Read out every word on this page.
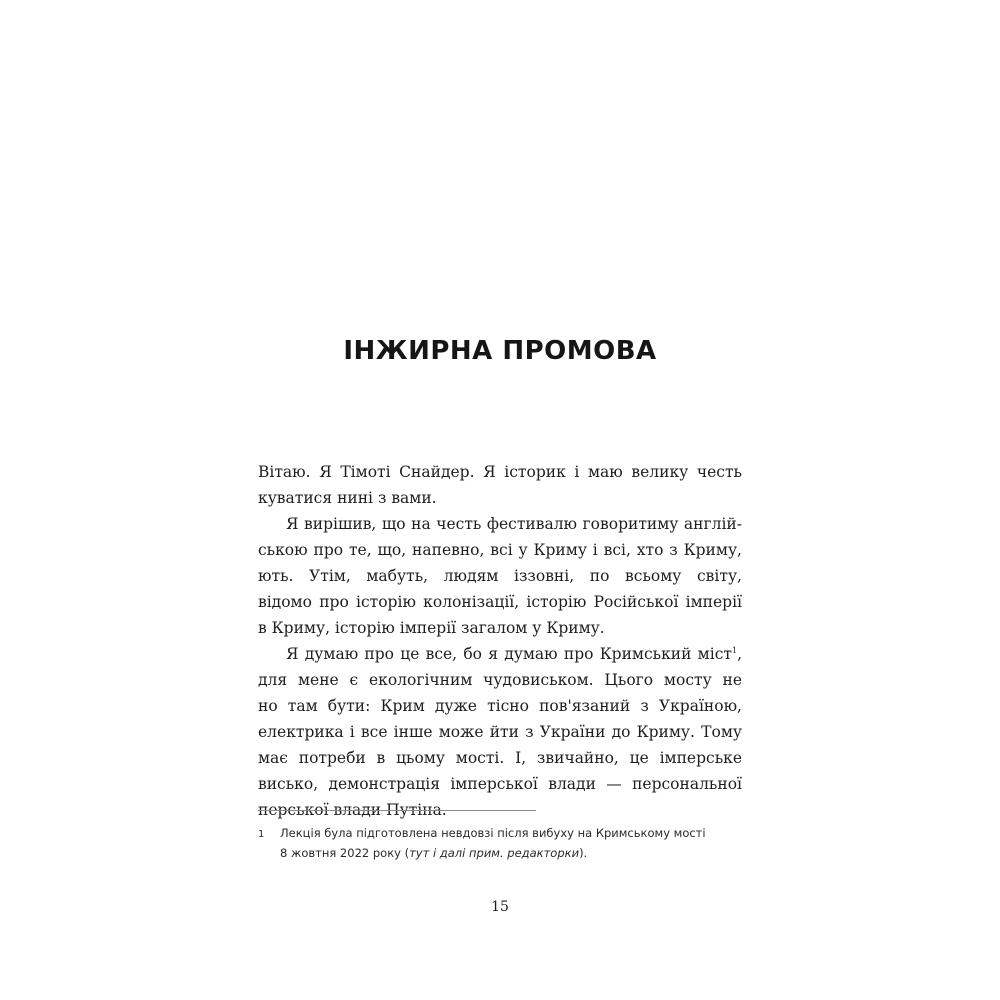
ІНЖИРНА ПРОМОВА
Вітаю. Я Тімоті Снайдер. Я історик і маю велику честь
куватися нині з вами.
Я вирішив, що на честь фестивалю говоритиму англій-
ською про те, що, напевно, всі у Криму і всі, хто з Криму,
ють. Утім, мабуть, людям іззовні, по всьому світу,
відомо про історію колонізації, історію Російської імперії
в Криму, історію імперії загалом у Криму.
Я думаю про це все, бо я думаю про Кримський міст$^1$,
для мене є екологічним чудовиськом. Цього мосту не
но там бути: Крим дуже тісно пов'язаний з Україною,
електрика і все інше може йти з України до Криму. Тому
має потреби в цьому мості. І, звичайно, це імперське
висько, демонстрація імперської влади — персональної
перської влади Путіна.
1 Лекція була підготовлена невдовзі після вибуху на Кримському мості
8 жовтня 2022 року (тут і далі прим. редакторки).
15
